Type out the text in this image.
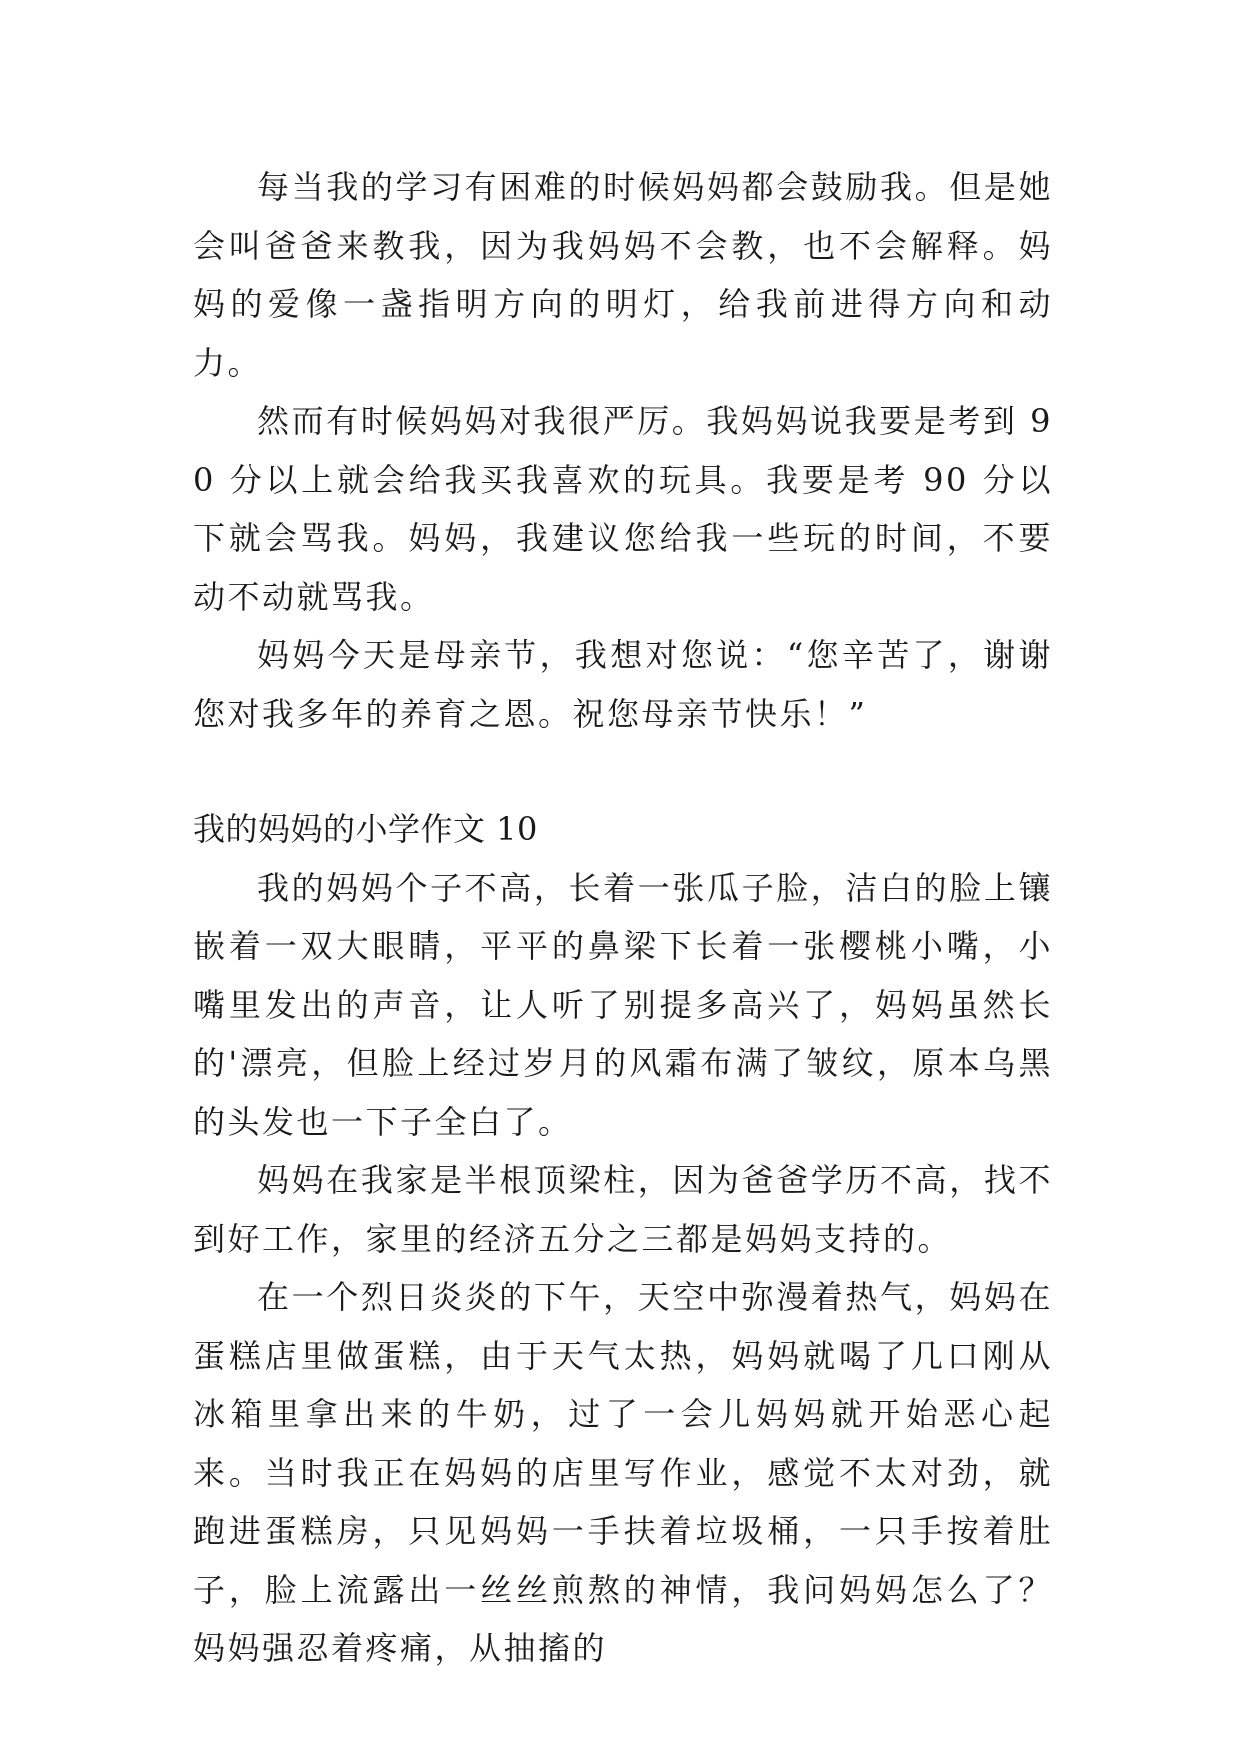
每当我的学习有困难的时候妈妈都会鼓励我。但是她会叫爸爸来教我，因为我妈妈不会教，也不会解释。妈妈的爱像一盏指明方向的明灯，给我前进得方向和动力。

然而有时候妈妈对我很严厉。我妈妈说我要是考到 90 分以上就会给我买我喜欢的玩具。我要是考 90 分以下就会骂我。妈妈，我建议您给我一些玩的时间，不要动不动就骂我。

妈妈今天是母亲节，我想对您说：“您辛苦了，谢谢您对我多年的养育之恩。祝您母亲节快乐！”

我的妈妈的小学作文 10

我的妈妈个子不高，长着一张瓜子脸，洁白的脸上镶嵌着一双大眼睛，平平的鼻梁下长着一张樱桃小嘴，小嘴里发出的声音，让人听了别提多高兴了，妈妈虽然长的'漂亮，但脸上经过岁月的风霜布满了皱纹，原本乌黑的头发也一下子全白了。

妈妈在我家是半根顶梁柱，因为爸爸学历不高，找不到好工作，家里的经济五分之三都是妈妈支持的。

在一个烈日炎炎的下午，天空中弥漫着热气，妈妈在蛋糕店里做蛋糕，由于天气太热，妈妈就喝了几口刚从冰箱里拿出来的牛奶，过了一会儿妈妈就开始恶心起来。当时我正在妈妈的店里写作业，感觉不太对劲，就跑进蛋糕房，只见妈妈一手扶着垃圾桶，一只手按着肚子，脸上流露出一丝丝煎熬的神情，我问妈妈怎么了？妈妈强忍着疼痛，从抽搐的
